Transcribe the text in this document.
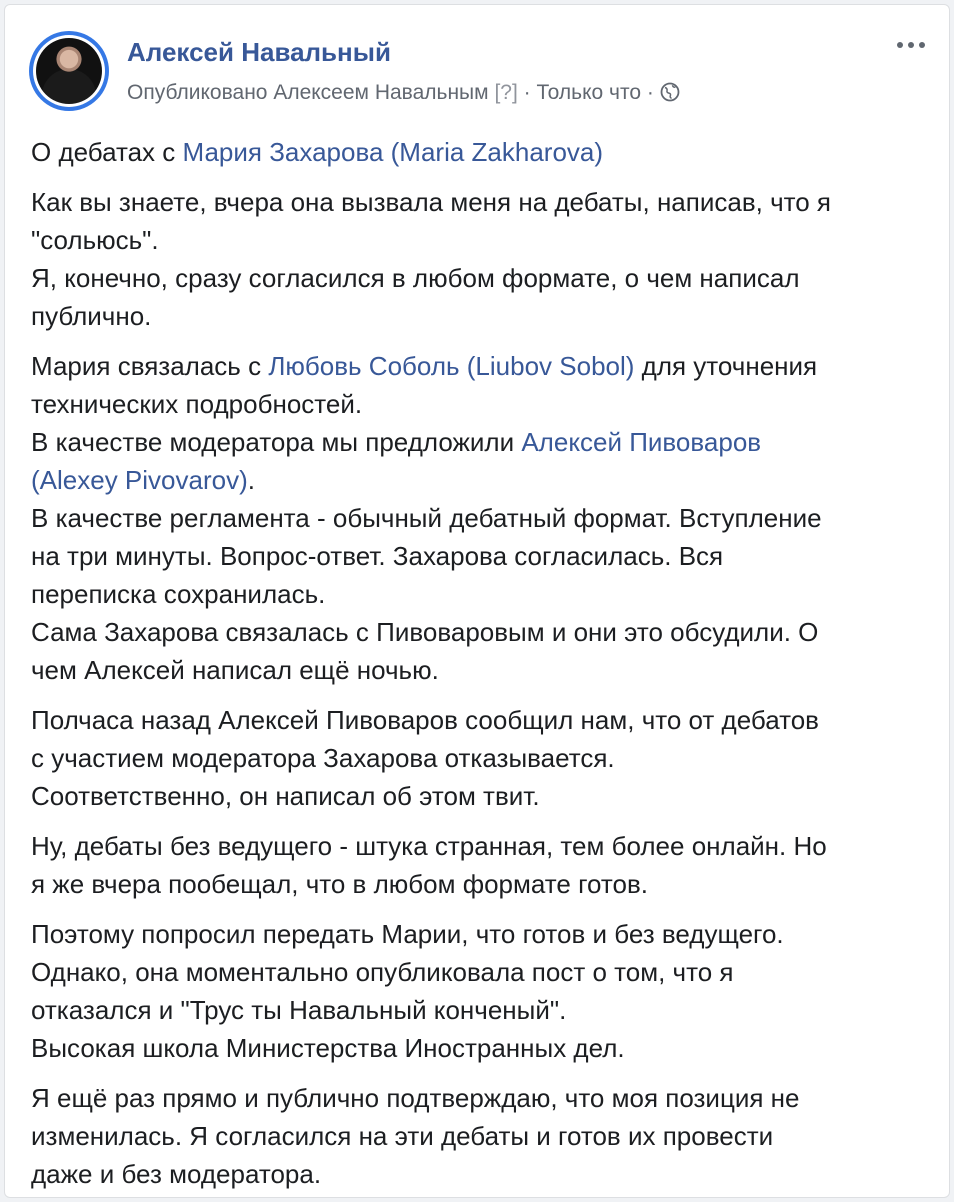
Алексей Навальный
Опубликовано Алексеем Навальным [?] · Только что ·

О дебатах с Мария Захарова (Maria Zakharova)

Как вы знаете, вчера она вызвала меня на дебаты, написав, что я
"сольюсь".
Я, конечно, сразу согласился в любом формате, о чем написал
публично.

Мария связалась с Любовь Соболь (Liubov Sobol) для уточнения
технических подробностей.
В качестве модератора мы предложили Алексей Пивоваров
(Alexey Pivovarov).
В качестве регламента - обычный дебатный формат. Вступление
на три минуты. Вопрос-ответ. Захарова согласилась. Вся
переписка сохранилась.
Сама Захарова связалась с Пивоваровым и они это обсудили. О
чем Алексей написал ещё ночью.

Полчаса назад Алексей Пивоваров сообщил нам, что от дебатов
с участием модератора Захарова отказывается.
Соответственно, он написал об этом твит.

Ну, дебаты без ведущего - штука странная, тем более онлайн. Но
я же вчера пообещал, что в любом формате готов.

Поэтому попросил передать Марии, что готов и без ведущего.
Однако, она моментально опубликовала пост о том, что я
отказался и "Трус ты Навальный конченый".
Высокая школа Министерства Иностранных дел.

Я ещё раз прямо и публично подтверждаю, что моя позиция не
изменилась. Я согласился на эти дебаты и готов их провести
даже и без модератора.
